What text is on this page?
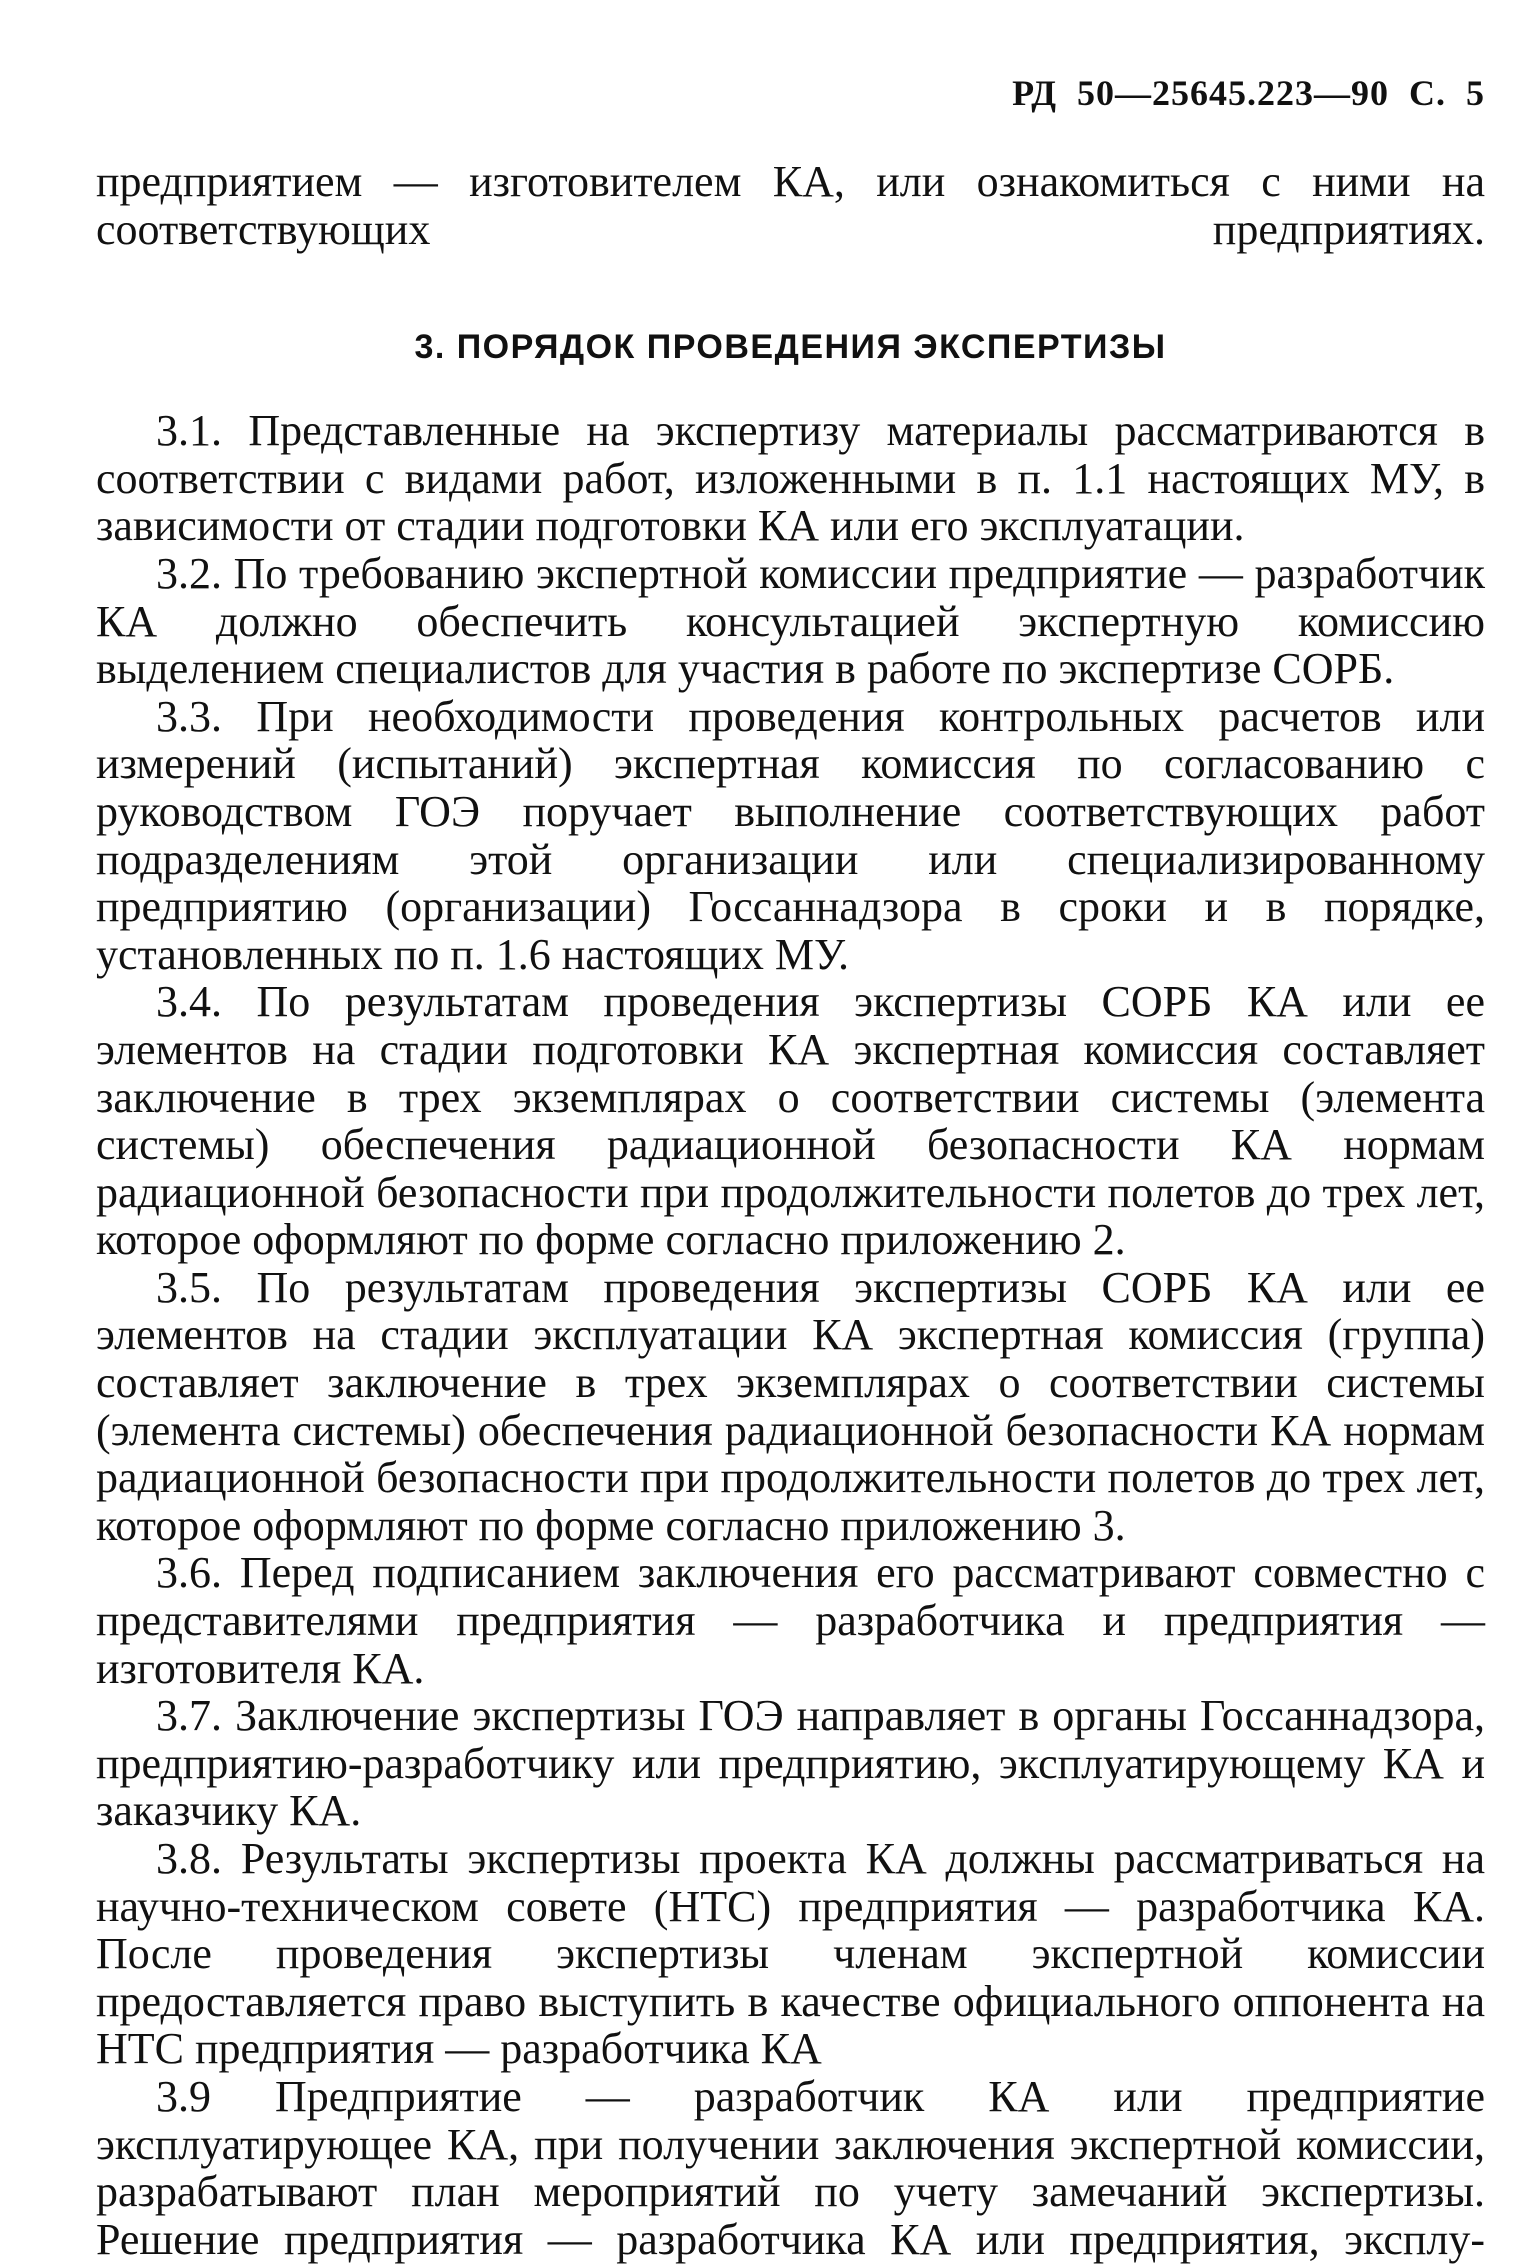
РД 50—25645.223—90 С. 5

предприятием — изготовителем КА, или ознакомиться с ними на соответствующих предприятиях.

3. ПОРЯДОК ПРОВЕДЕНИЯ ЭКСПЕРТИЗЫ

3.1. Представленные на экспертизу материалы рассматриваются в соответствии с видами работ, изложенными в п. 1.1 настоящих МУ, в зависимости от стадии подготовки КА или его эксплуатации.

3.2. По требованию экспертной комиссии предприятие — разработчик КА должно обеспечить консультацией экспертную комиссию выделением специалистов для участия в работе по экспертизе СОРБ.

3.3. При необходимости проведения контрольных расчетов или измерений (испытаний) экспертная комиссия по согласованию с руководством ГОЭ поручает выполнение соответствующих работ подразделениям этой организации или специализированному предприятию (организации) Госсаннадзора в сроки и в порядке, установленных по п. 1.6 настоящих МУ.

3.4. По результатам проведения экспертизы СОРБ КА или ее элементов на стадии подготовки КА экспертная комиссия составляет заключение в трех экземплярах о соответствии системы (элемента системы) обеспечения радиационной безопасности КА нормам радиационной безопасности при продолжительности полетов до трех лет, которое оформляют по форме согласно приложению 2.

3.5. По результатам проведения экспертизы СОРБ КА или ее элементов на стадии эксплуатации КА экспертная комиссия (группа) составляет заключение в трех экземплярах о соответствии системы (элемента системы) обеспечения радиационной безопасности КА нормам радиационной безопасности при продолжительности полетов до трех лет, которое оформляют по форме согласно приложению 3.

3.6. Перед подписанием заключения его рассматривают совместно с представителями предприятия — разработчика и предприятия — изготовителя КА.

3.7. Заключение экспертизы ГОЭ направляет в органы Госсаннадзора, предприятию-разработчику или предприятию, эксплуатирующему КА и заказчику КА.

3.8. Результаты экспертизы проекта КА должны рассматриваться на научно-техническом совете (НТС) предприятия — разработчика КА. После проведения экспертизы членам экспертной комиссии предоставляется право выступить в качестве официального оппонента на НТС предприятия — разработчика КА

3.9 Предприятие — разработчик КА или предприятие эксплуатирующее КА, при получении заключения экспертной комиссии, разрабатывают план мероприятий по учету замечаний экспертизы. Решение предприятия — разработчика КА или предприятия, эксплу-
